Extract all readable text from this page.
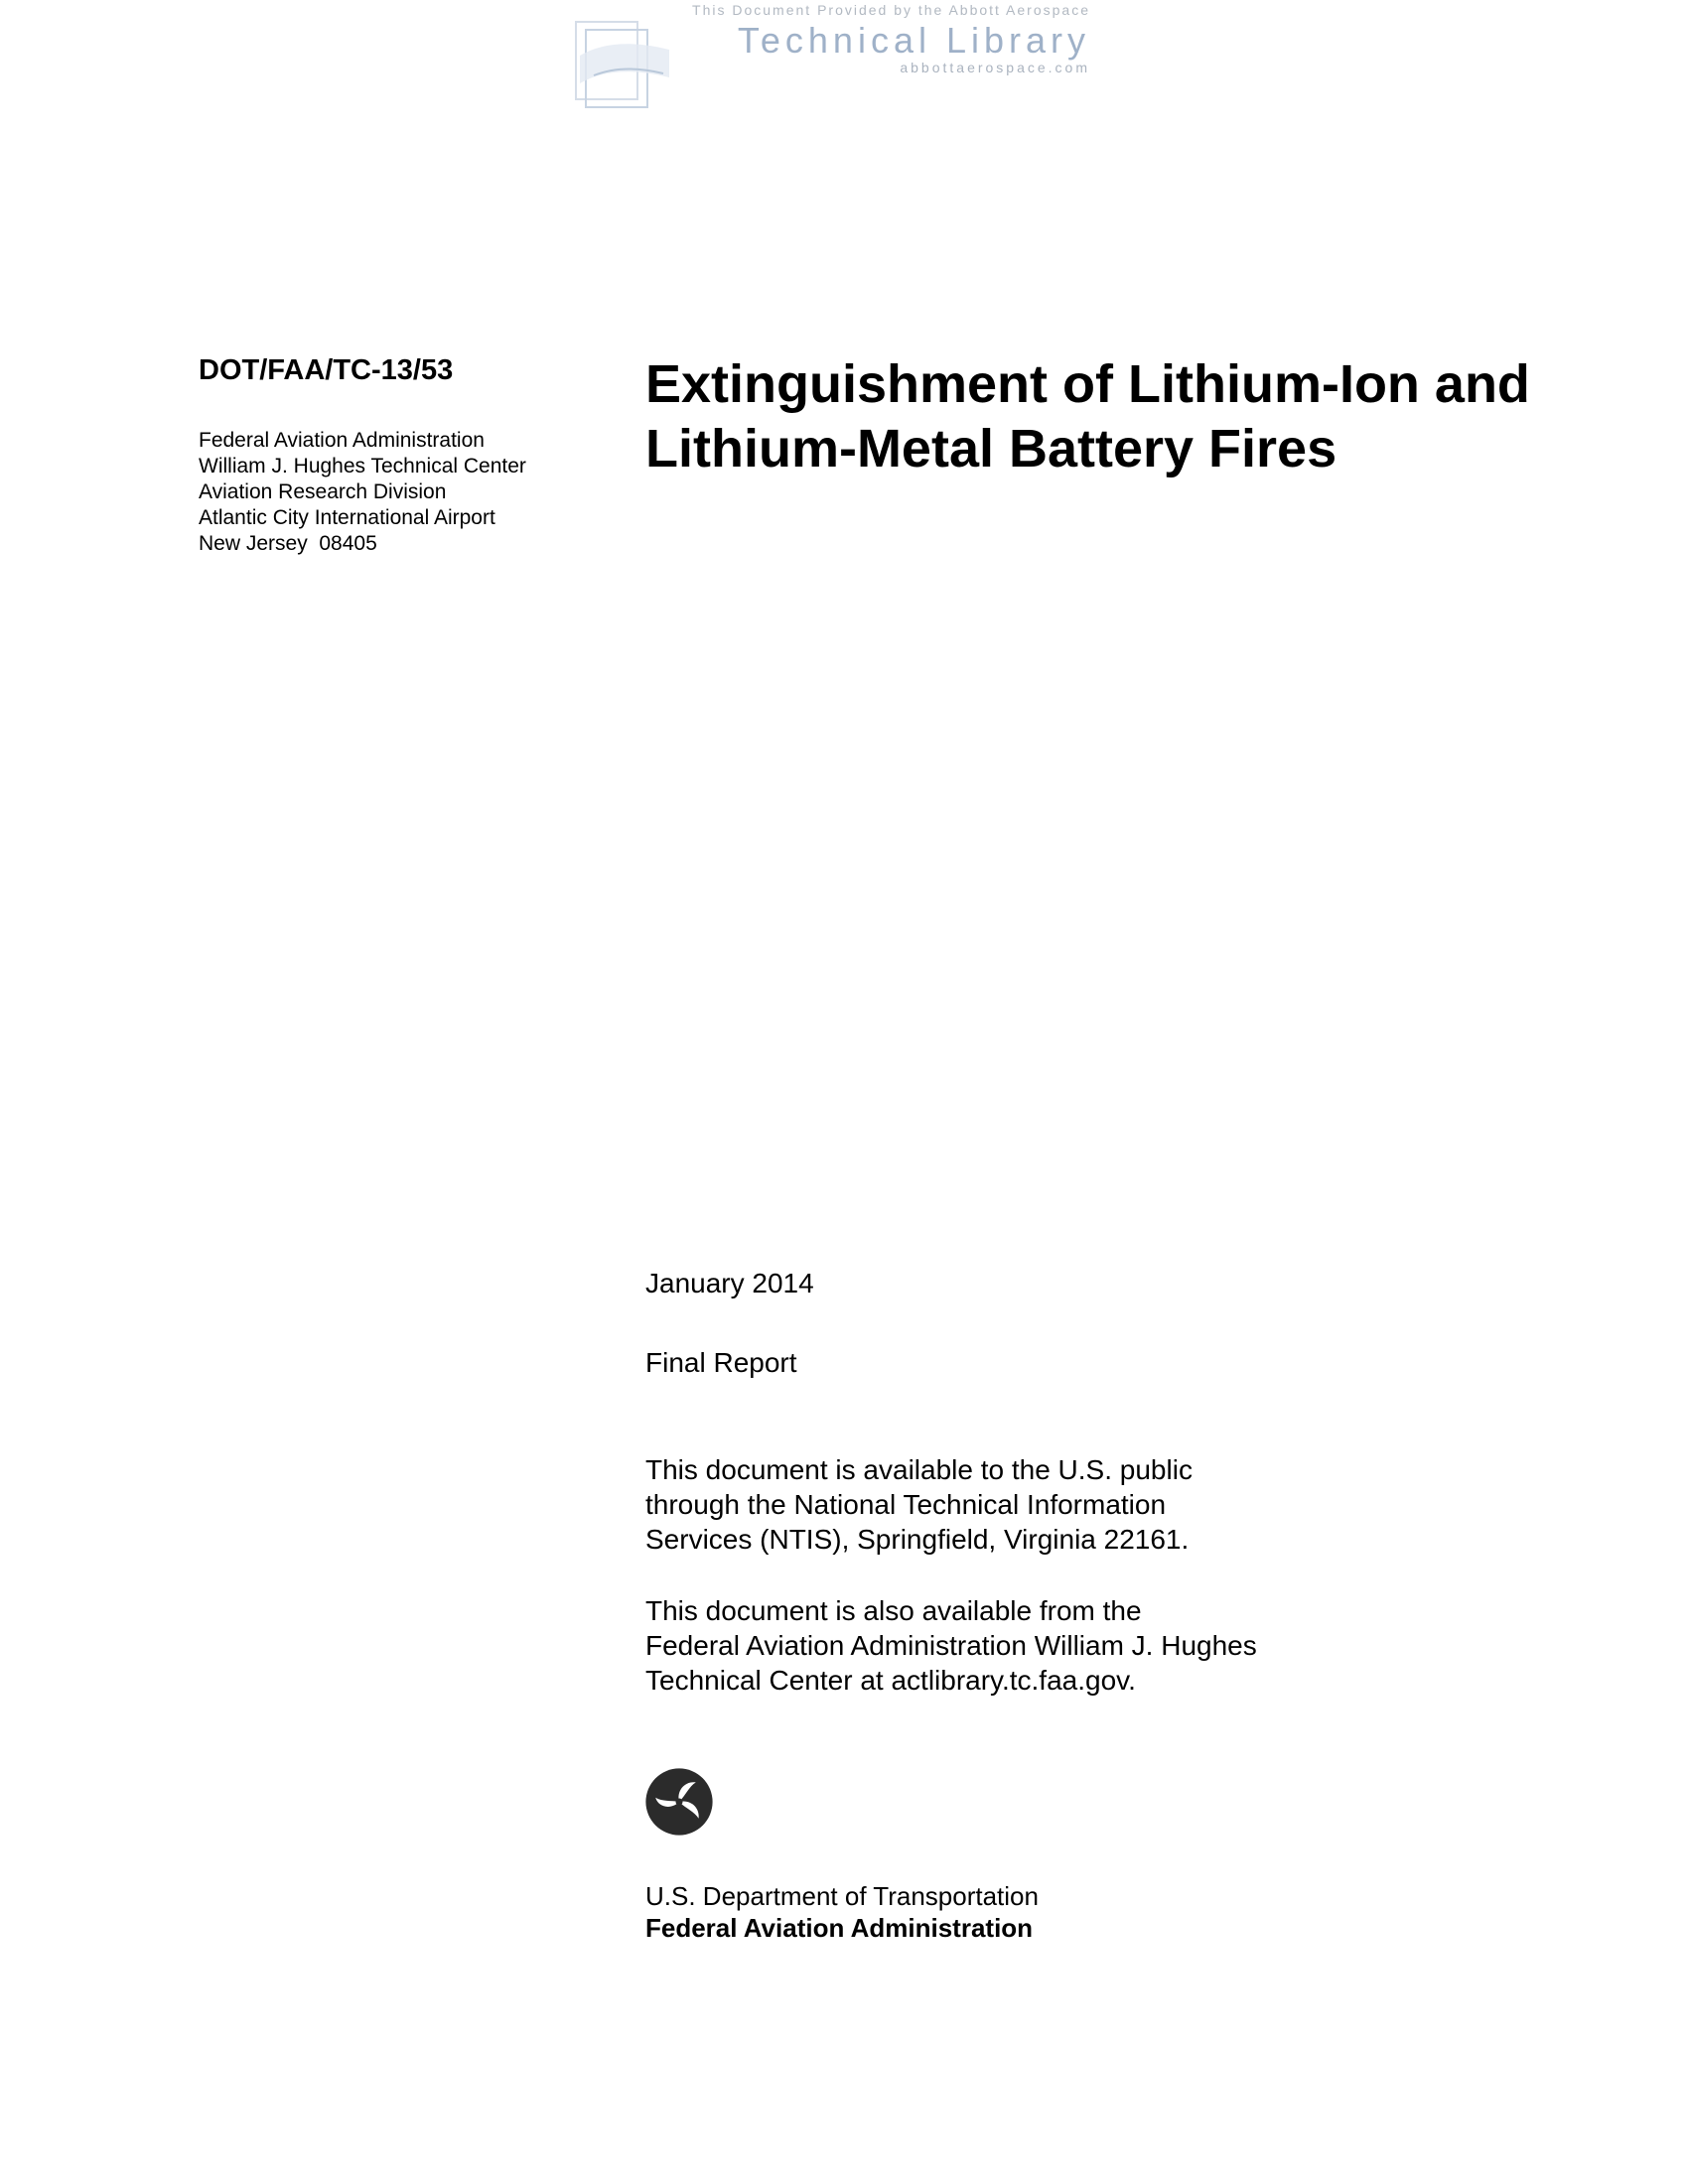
This Document Provided by the Abbott Aerospace
Technical Library
abbottaerospace.com
DOT/FAA/TC-13/53
Federal Aviation Administration
William J. Hughes Technical Center
Aviation Research Division
Atlantic City International Airport
New Jersey  08405
Extinguishment of Lithium-Ion and
Lithium-Metal Battery Fires
January 2014
Final Report
This document is available to the U.S. public
through the National Technical Information
Services (NTIS), Springfield, Virginia 22161.
This document is also available from the
Federal Aviation Administration William J. Hughes
Technical Center at actlibrary.tc.faa.gov.
U.S. Department of Transportation
Federal Aviation Administration
